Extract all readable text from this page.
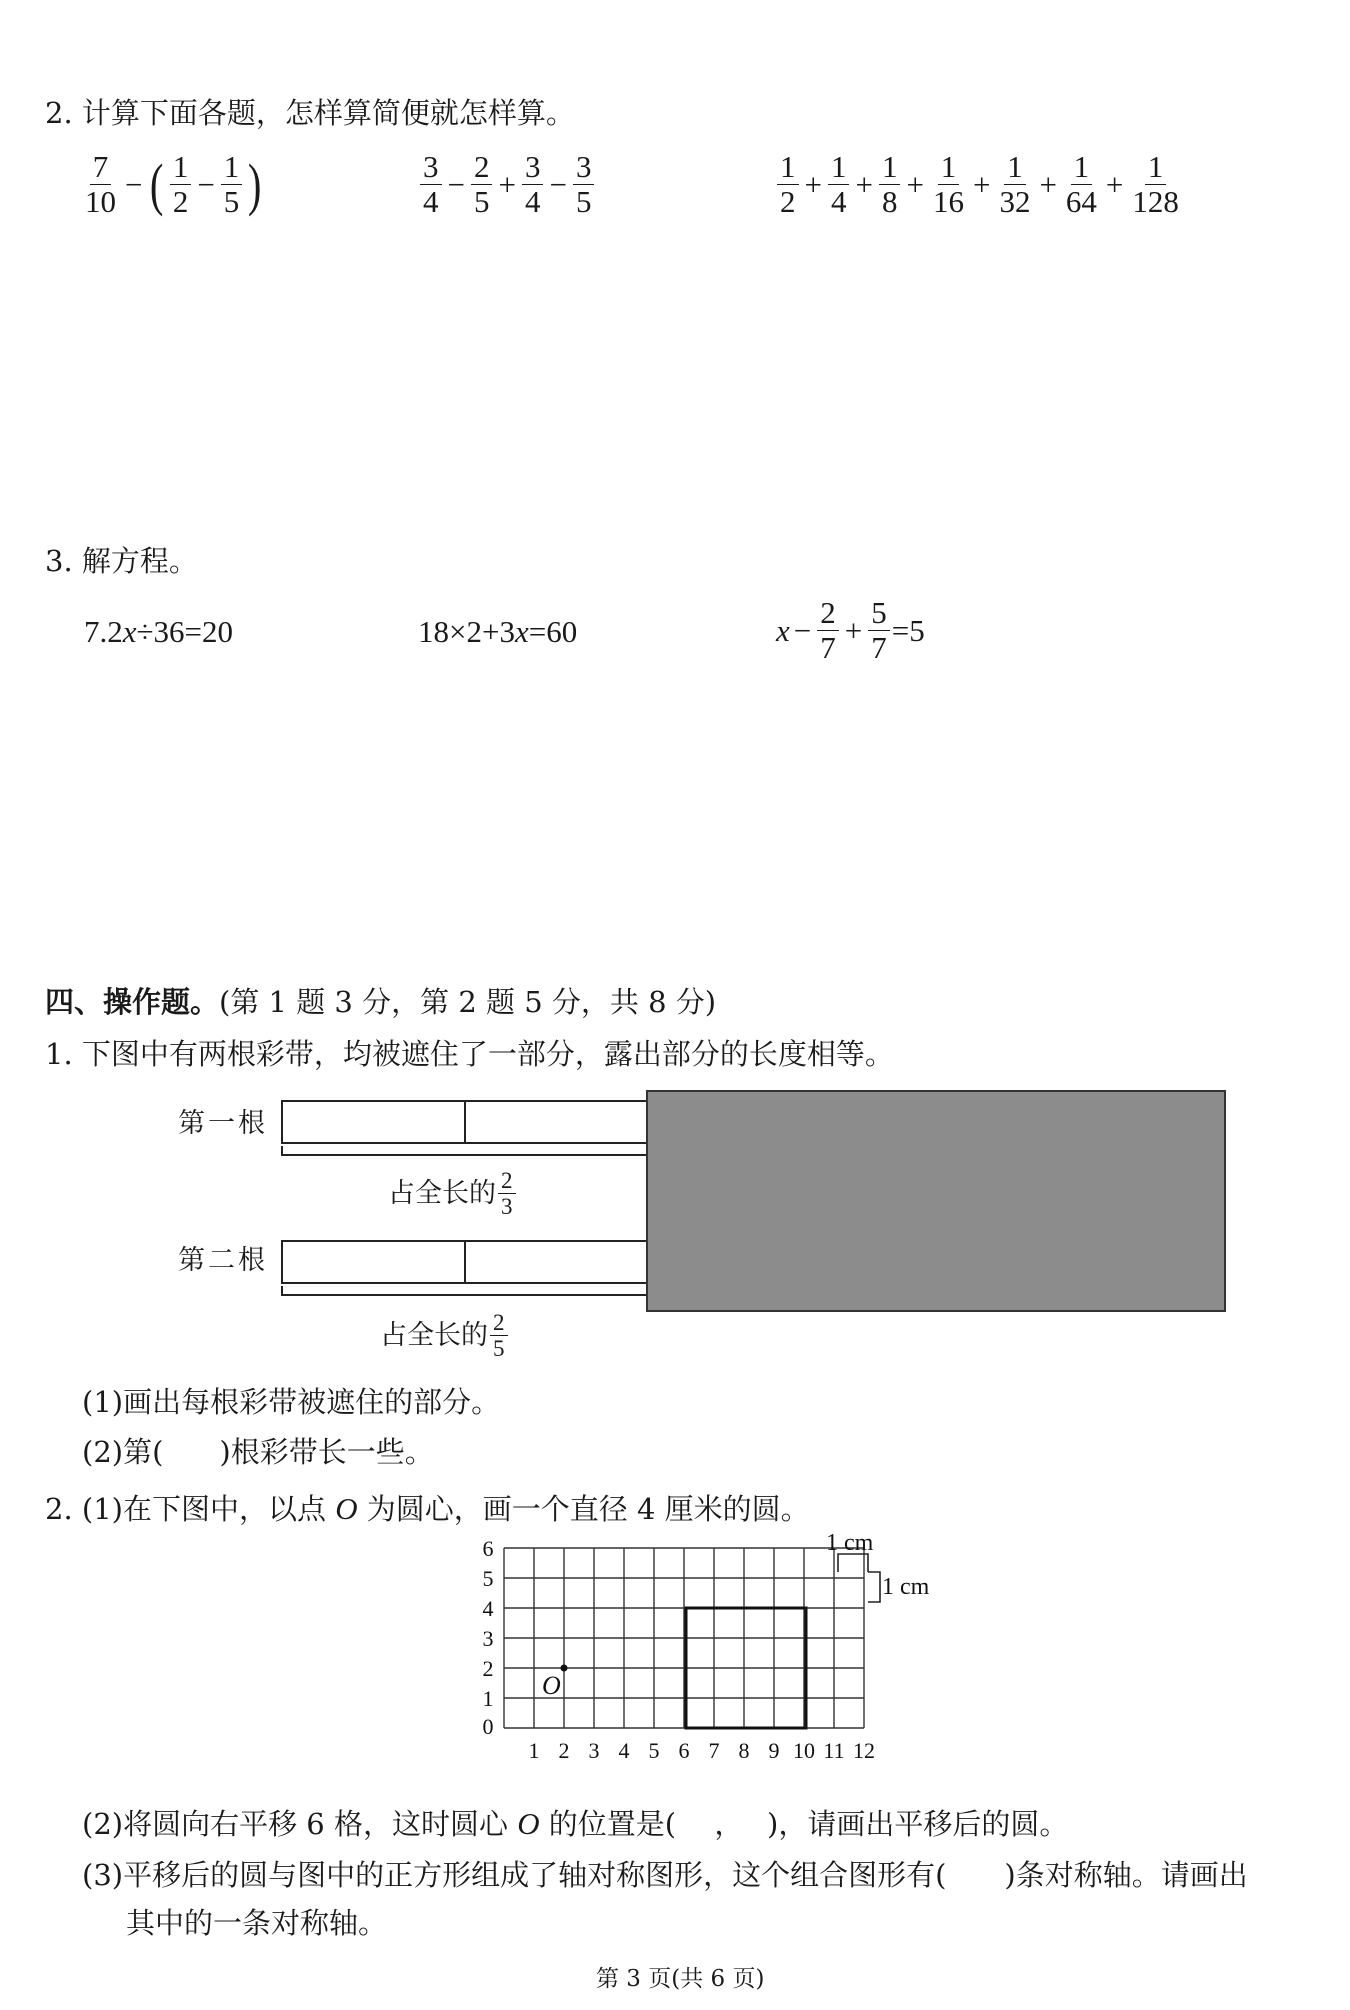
2. 计算下面各题，怎样算简便就怎样算。
$\frac{7}{10}$ − ( $\frac{1}{2} - \frac{1}{5}$ )	$\frac{3}{4} - \frac{2}{5} + \frac{3}{4} - \frac{3}{5}$	$\frac{1}{2} + \frac{1}{4} + \frac{1}{8} + \frac{1}{16} + \frac{1}{32} + \frac{1}{64} + \frac{1}{128}$
3. 解方程。
7.2x÷36=20	18×2+3x=60	$x - \frac{2}{7} + \frac{5}{7} =5$
四、操作题。(第 1 题 3 分，第 2 题 5 分，共 8 分)
1. 下图中有两根彩带，均被遮住了一部分，露出部分的长度相等。
第一根
占全长的 $\frac{2}{3}$
第二根
占全长的 $\frac{2}{5}$
(1)画出每根彩带被遮住的部分。
(2)第( )根彩带长一些。
2. (1)在下图中，以点 O 为圆心，画一个直径 4 厘米的圆。
O
1 cm
1 cm
0
1 2 3 4 5 6 7 8 9 10 11 12
1
2
3
4
5
6
(2)将圆向右平移 6 格，这时圆心 O 的位置是(　 ，　 )，请画出平移后的圆。
(3)平移后的圆与图中的正方形组成了轴对称图形，这个组合图形有(　　)条对称轴。请画出
其中的一条对称轴。
第 3 页(共 6 页)
